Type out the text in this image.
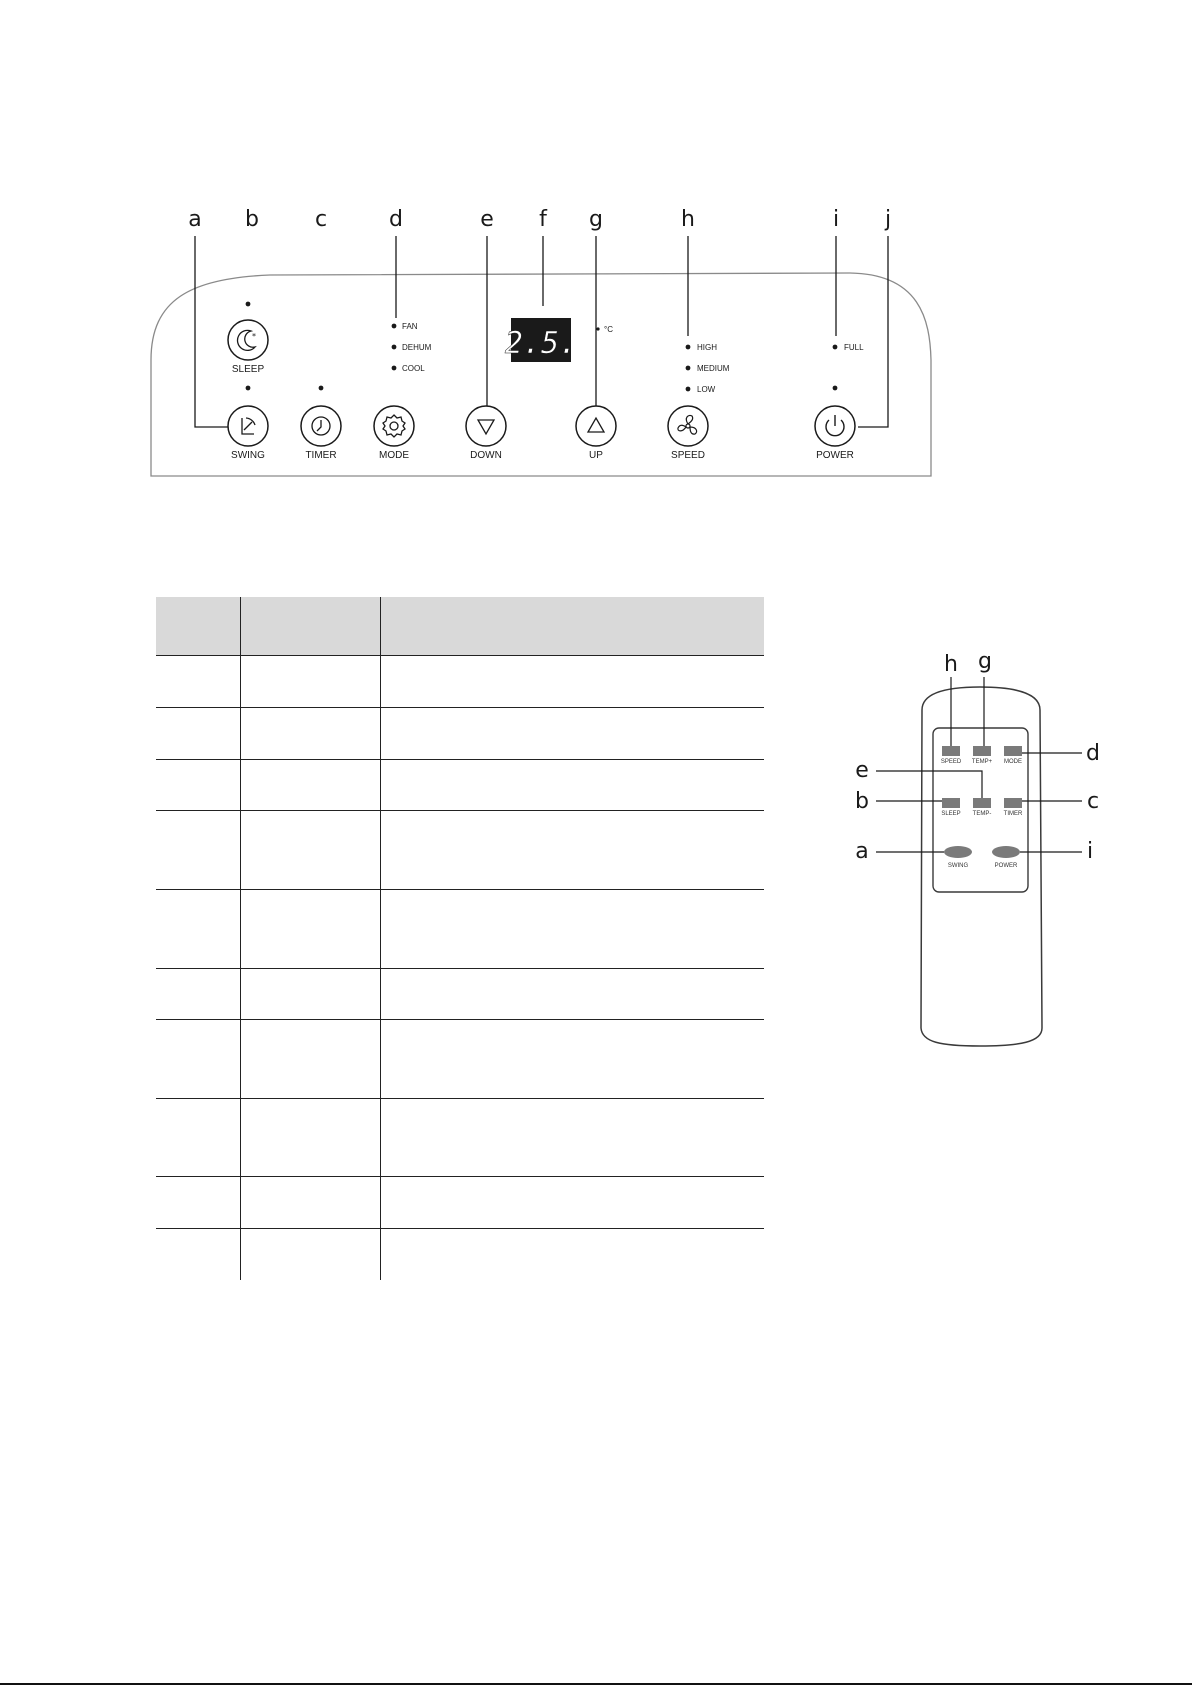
a b	c	d	e f g	h	i j
FAN
DEHUM
COOL
HIGH
MEDIUM
LOW
FULL
2.5.	°C
*
SLEEP
SWING	TIMER	MODE	DOWN	UP	SPEED	POWER

SPEED TEMP+ MODE
SLEEP TEMP- TIMER
SWING	POWER
h g
d
e
b	c
a	i
